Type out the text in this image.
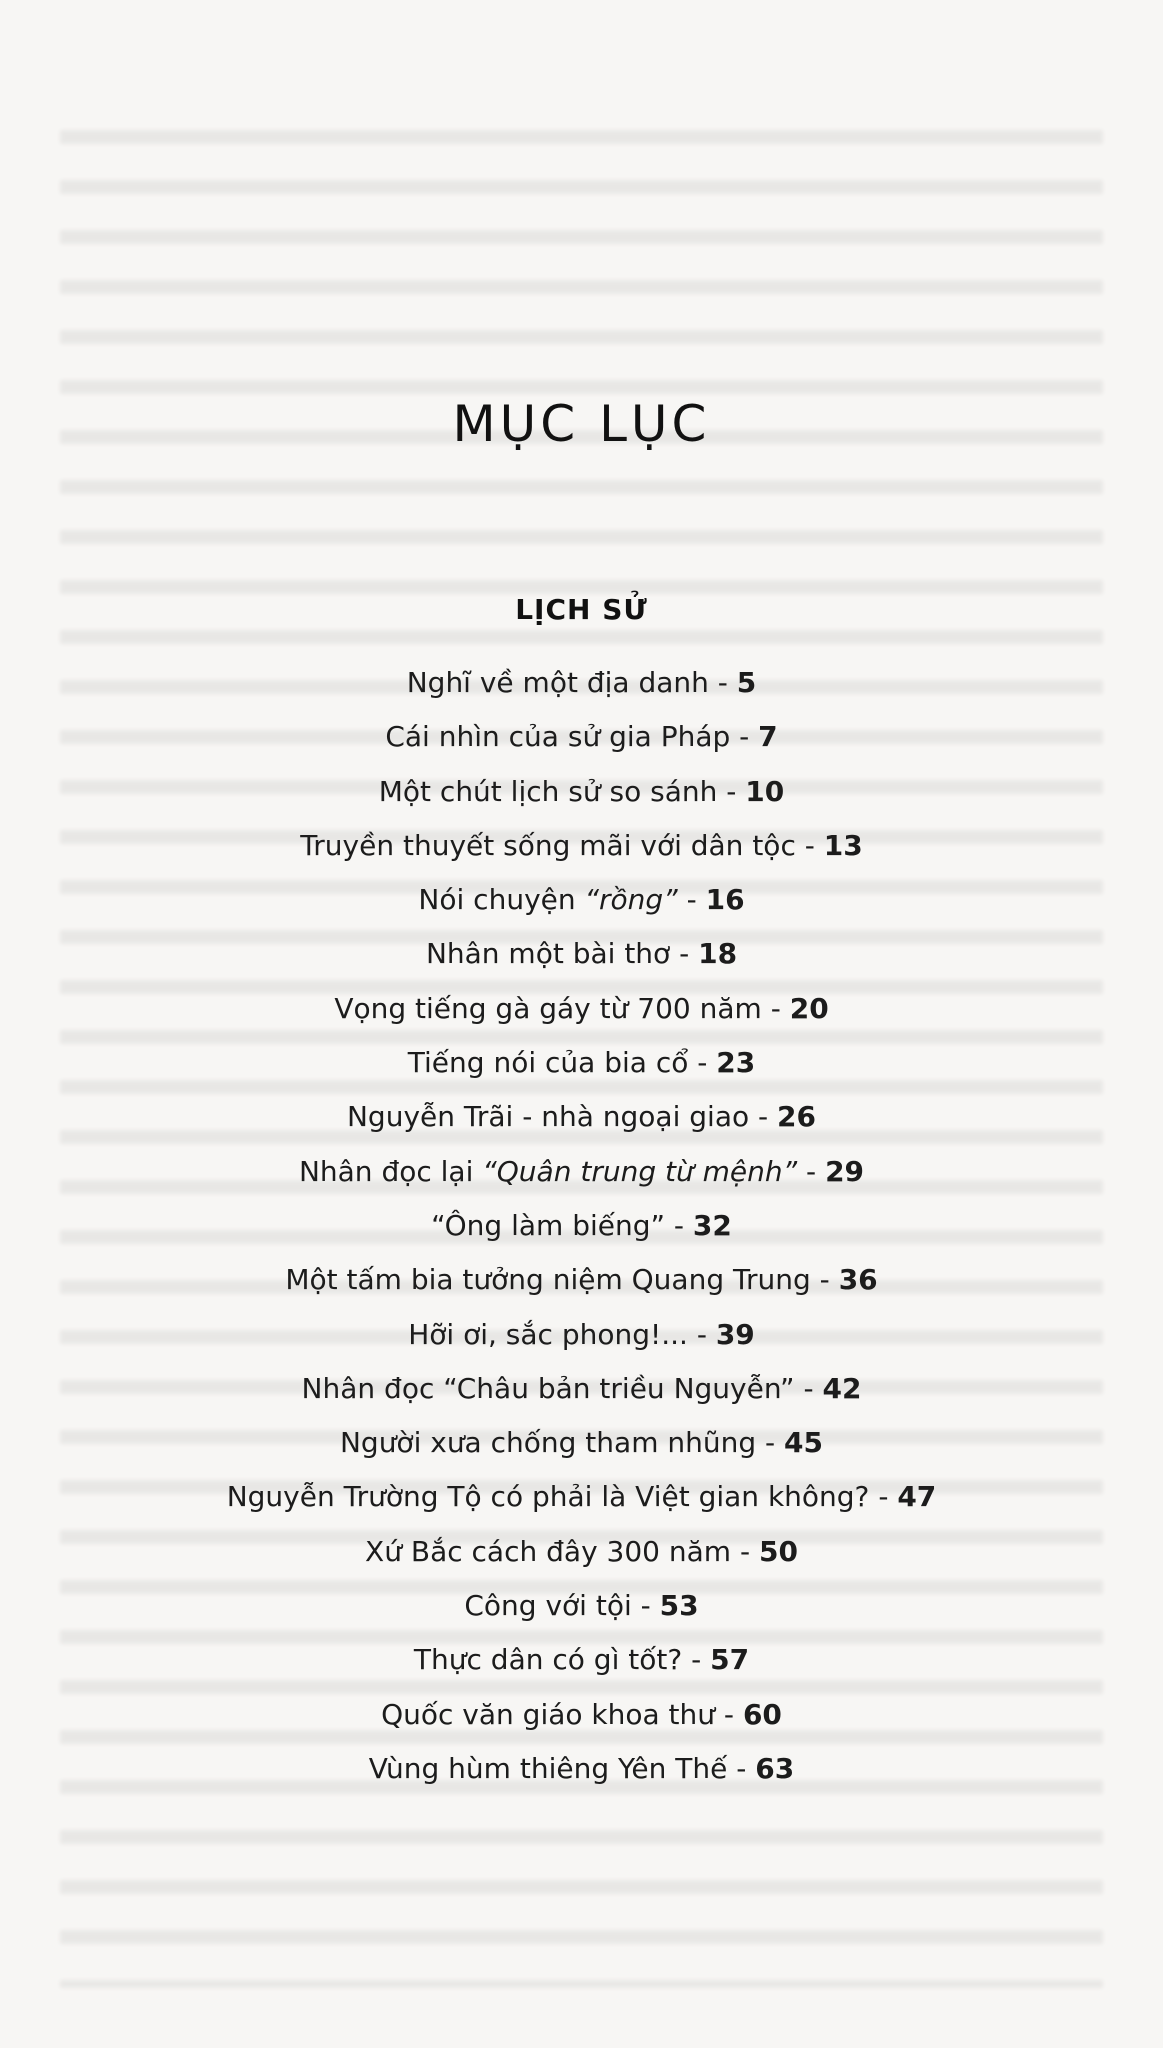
MỤC LỤC
LỊCH SỬ
Nghĩ về một địa danh - 5
Cái nhìn của sử gia Pháp - 7
Một chút lịch sử so sánh - 10
Truyền thuyết sống mãi với dân tộc - 13
Nói chuyện “rồng” - 16
Nhân một bài thơ - 18
Vọng tiếng gà gáy từ 700 năm - 20
Tiếng nói của bia cổ - 23
Nguyễn Trãi - nhà ngoại giao - 26
Nhân đọc lại “Quân trung từ mệnh” - 29
“Ông làm biếng” - 32
Một tấm bia tưởng niệm Quang Trung - 36
Hỡi ơi, sắc phong!... - 39
Nhân đọc “Châu bản triều Nguyễn” - 42
Người xưa chống tham nhũng - 45
Nguyễn Trường Tộ có phải là Việt gian không? - 47
Xứ Bắc cách đây 300 năm - 50
Công với tội - 53
Thực dân có gì tốt? - 57
Quốc văn giáo khoa thư - 60
Vùng hùm thiêng Yên Thế - 63
